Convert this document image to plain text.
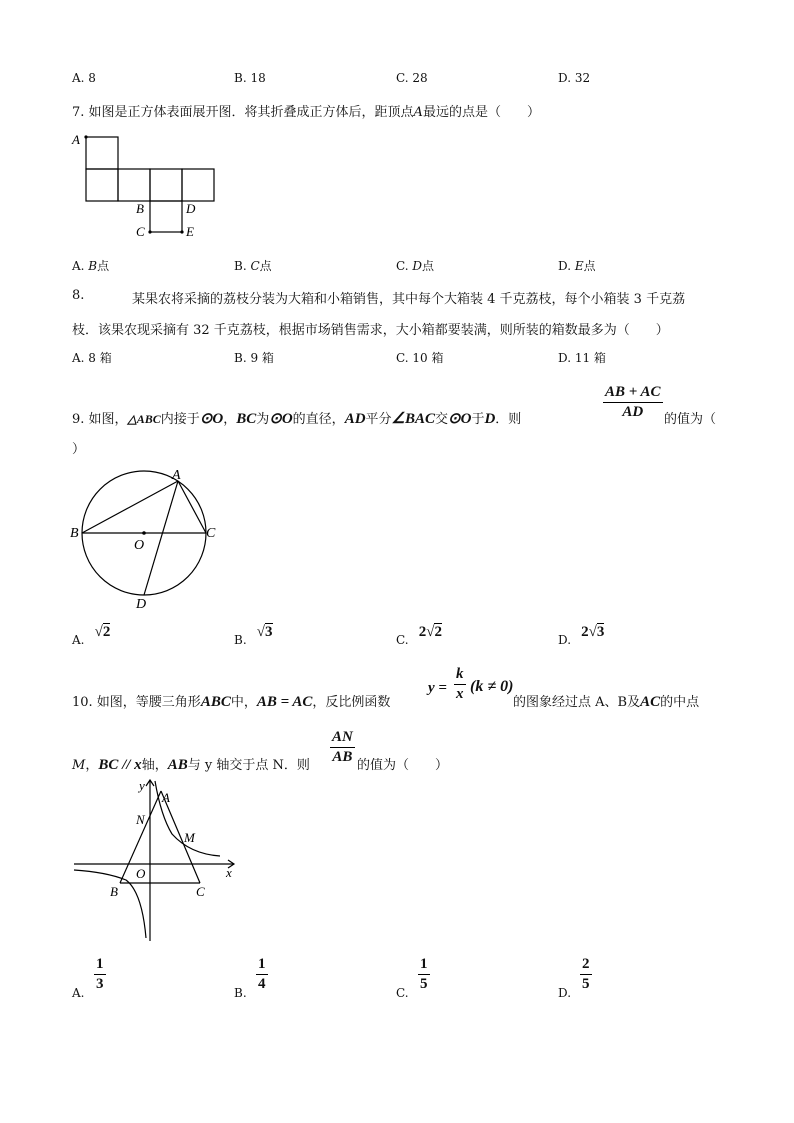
A. 8	B. 18	C. 28	D. 32
7. 如图是正方体表面展开图．将其折叠成正方体后，距顶点A最远的点是（　　）
A
B	D
C	E
A. B点	B. C点	C. D点	D. E点
8.	某果农将采摘的荔枝分装为大箱和小箱销售，其中每个大箱装 4 千克荔枝，每个小箱装 3 千克荔
枝．该果农现采摘有 32 千克荔枝，根据市场销售需求，大小箱都要装满，则所装的箱数最多为（　　）
A. 8 箱	B. 9 箱	C. 10 箱	D. 11 箱
9. 如图，△ABC内接于⊙O，BC为⊙O的直径，AD平分∠BAC交⊙O于D．则	$\frac{AB + AC}{AD}$ 的值为（
）
A
B	C
O
D
A. √2	B. √3	C. 2√2	D. 2√3
10. 如图，等腰三角形ABC中，AB = AC，反比例函数
$y = \frac{k}{x} (k \ne 0)$
的图象经过点 A、B及AC的中点
M，BC // x轴，AB与 y 轴交于点 N．则 $\frac{AN}{AB}$ 的值为（　　）
y
x
A
N
M
O
B	C
A. $\frac{1}{3}$	B. $\frac{1}{4}$	C. $\frac{1}{5}$	D. $\frac{2}{5}$
